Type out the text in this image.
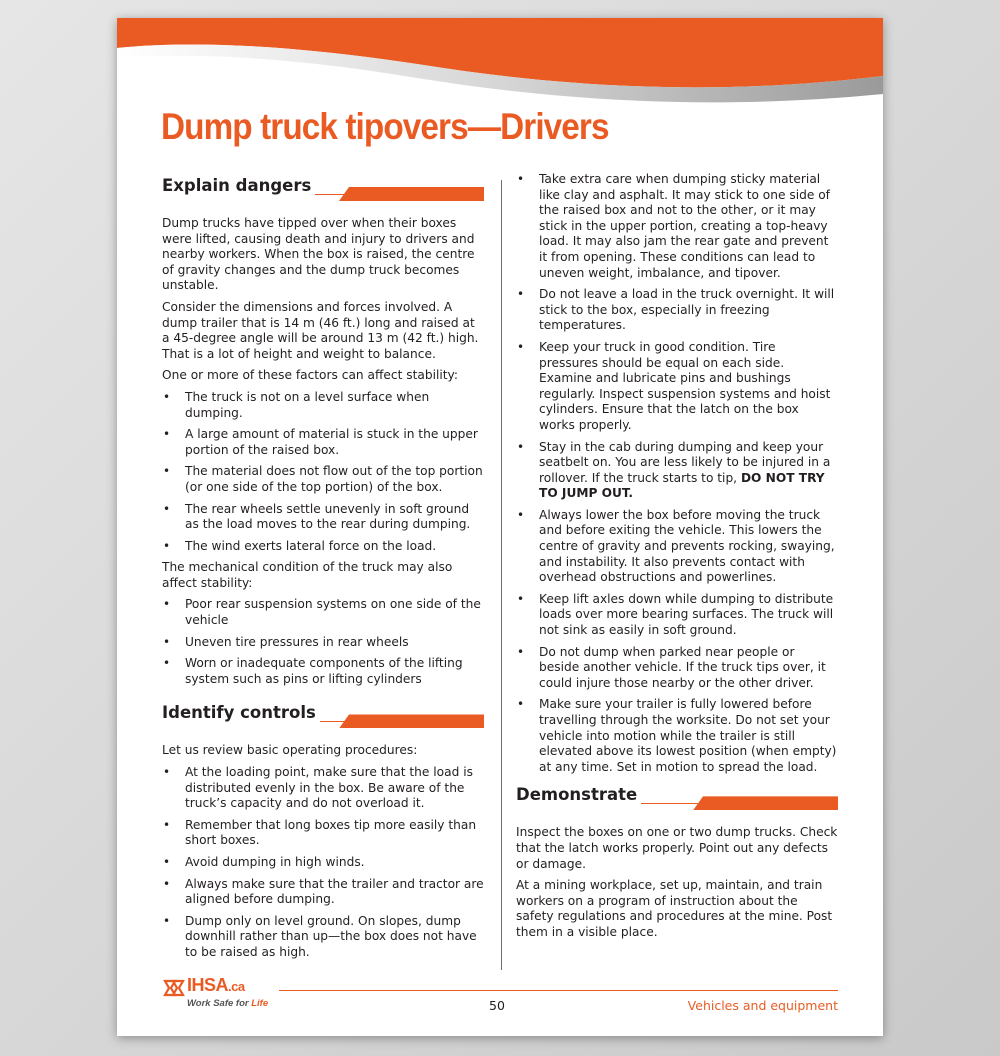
Dump truck tipovers—Drivers
Explain dangers

Dump trucks have tipped over when their boxes were lifted, causing death and injury to drivers and nearby workers. When the box is raised, the centre of gravity changes and the dump truck becomes unstable.

Consider the dimensions and forces involved. A dump trailer that is 14 m (46 ft.) long and raised at a 45-degree angle will be around 13 m (42 ft.) high. That is a lot of height and weight to balance.

One or more of these factors can affect stability:

• The truck is not on a level surface when dumping.
• A large amount of material is stuck in the upper portion of the raised box.
• The material does not flow out of the top portion (or one side of the top portion) of the box.
• The rear wheels settle unevenly in soft ground as the load moves to the rear during dumping.
• The wind exerts lateral force on the load.

The mechanical condition of the truck may also affect stability:

• Poor rear suspension systems on one side of the vehicle
• Uneven tire pressures in rear wheels
• Worn or inadequate components of the lifting system such as pins or lifting cylinders
Identify controls

Let us review basic operating procedures:

• At the loading point, make sure that the load is distributed evenly in the box. Be aware of the truck’s capacity and do not overload it.
• Remember that long boxes tip more easily than short boxes.
• Avoid dumping in high winds.
• Always make sure that the trailer and tractor are aligned before dumping.
• Dump only on level ground. On slopes, dump downhill rather than up—the box does not have to be raised as high.
• Take extra care when dumping sticky material like clay and asphalt. It may stick to one side of the raised box and not to the other, or it may stick in the upper portion, creating a top-heavy load. It may also jam the rear gate and prevent it from opening. These conditions can lead to uneven weight, imbalance, and tipover.
• Do not leave a load in the truck overnight. It will stick to the box, especially in freezing temperatures.
• Keep your truck in good condition. Tire pressures should be equal on each side. Examine and lubricate pins and bushings regularly. Inspect suspension systems and hoist cylinders. Ensure that the latch on the box works properly.
• Stay in the cab during dumping and keep your seatbelt on. You are less likely to be injured in a rollover. If the truck starts to tip, DO NOT TRY TO JUMP OUT.
• Always lower the box before moving the truck and before exiting the vehicle. This lowers the centre of gravity and prevents rocking, swaying, and instability. It also prevents contact with overhead obstructions and powerlines.
• Keep lift axles down while dumping to distribute loads over more bearing surfaces. The truck will not sink as easily in soft ground.
• Do not dump when parked near people or beside another vehicle. If the truck tips over, it could injure those nearby or the other driver.
• Make sure your trailer is fully lowered before travelling through the worksite. Do not set your vehicle into motion while the trailer is still elevated above its lowest position (when empty) at any time. Set in motion to spread the load.
Demonstrate

Inspect the boxes on one or two dump trucks. Check that the latch works properly. Point out any defects or damage.

At a mining workplace, set up, maintain, and train workers on a program of instruction about the safety regulations and procedures at the mine. Post them in a visible place.

IHSA.ca
Work Safe for Life	50	Vehicles and equipment
